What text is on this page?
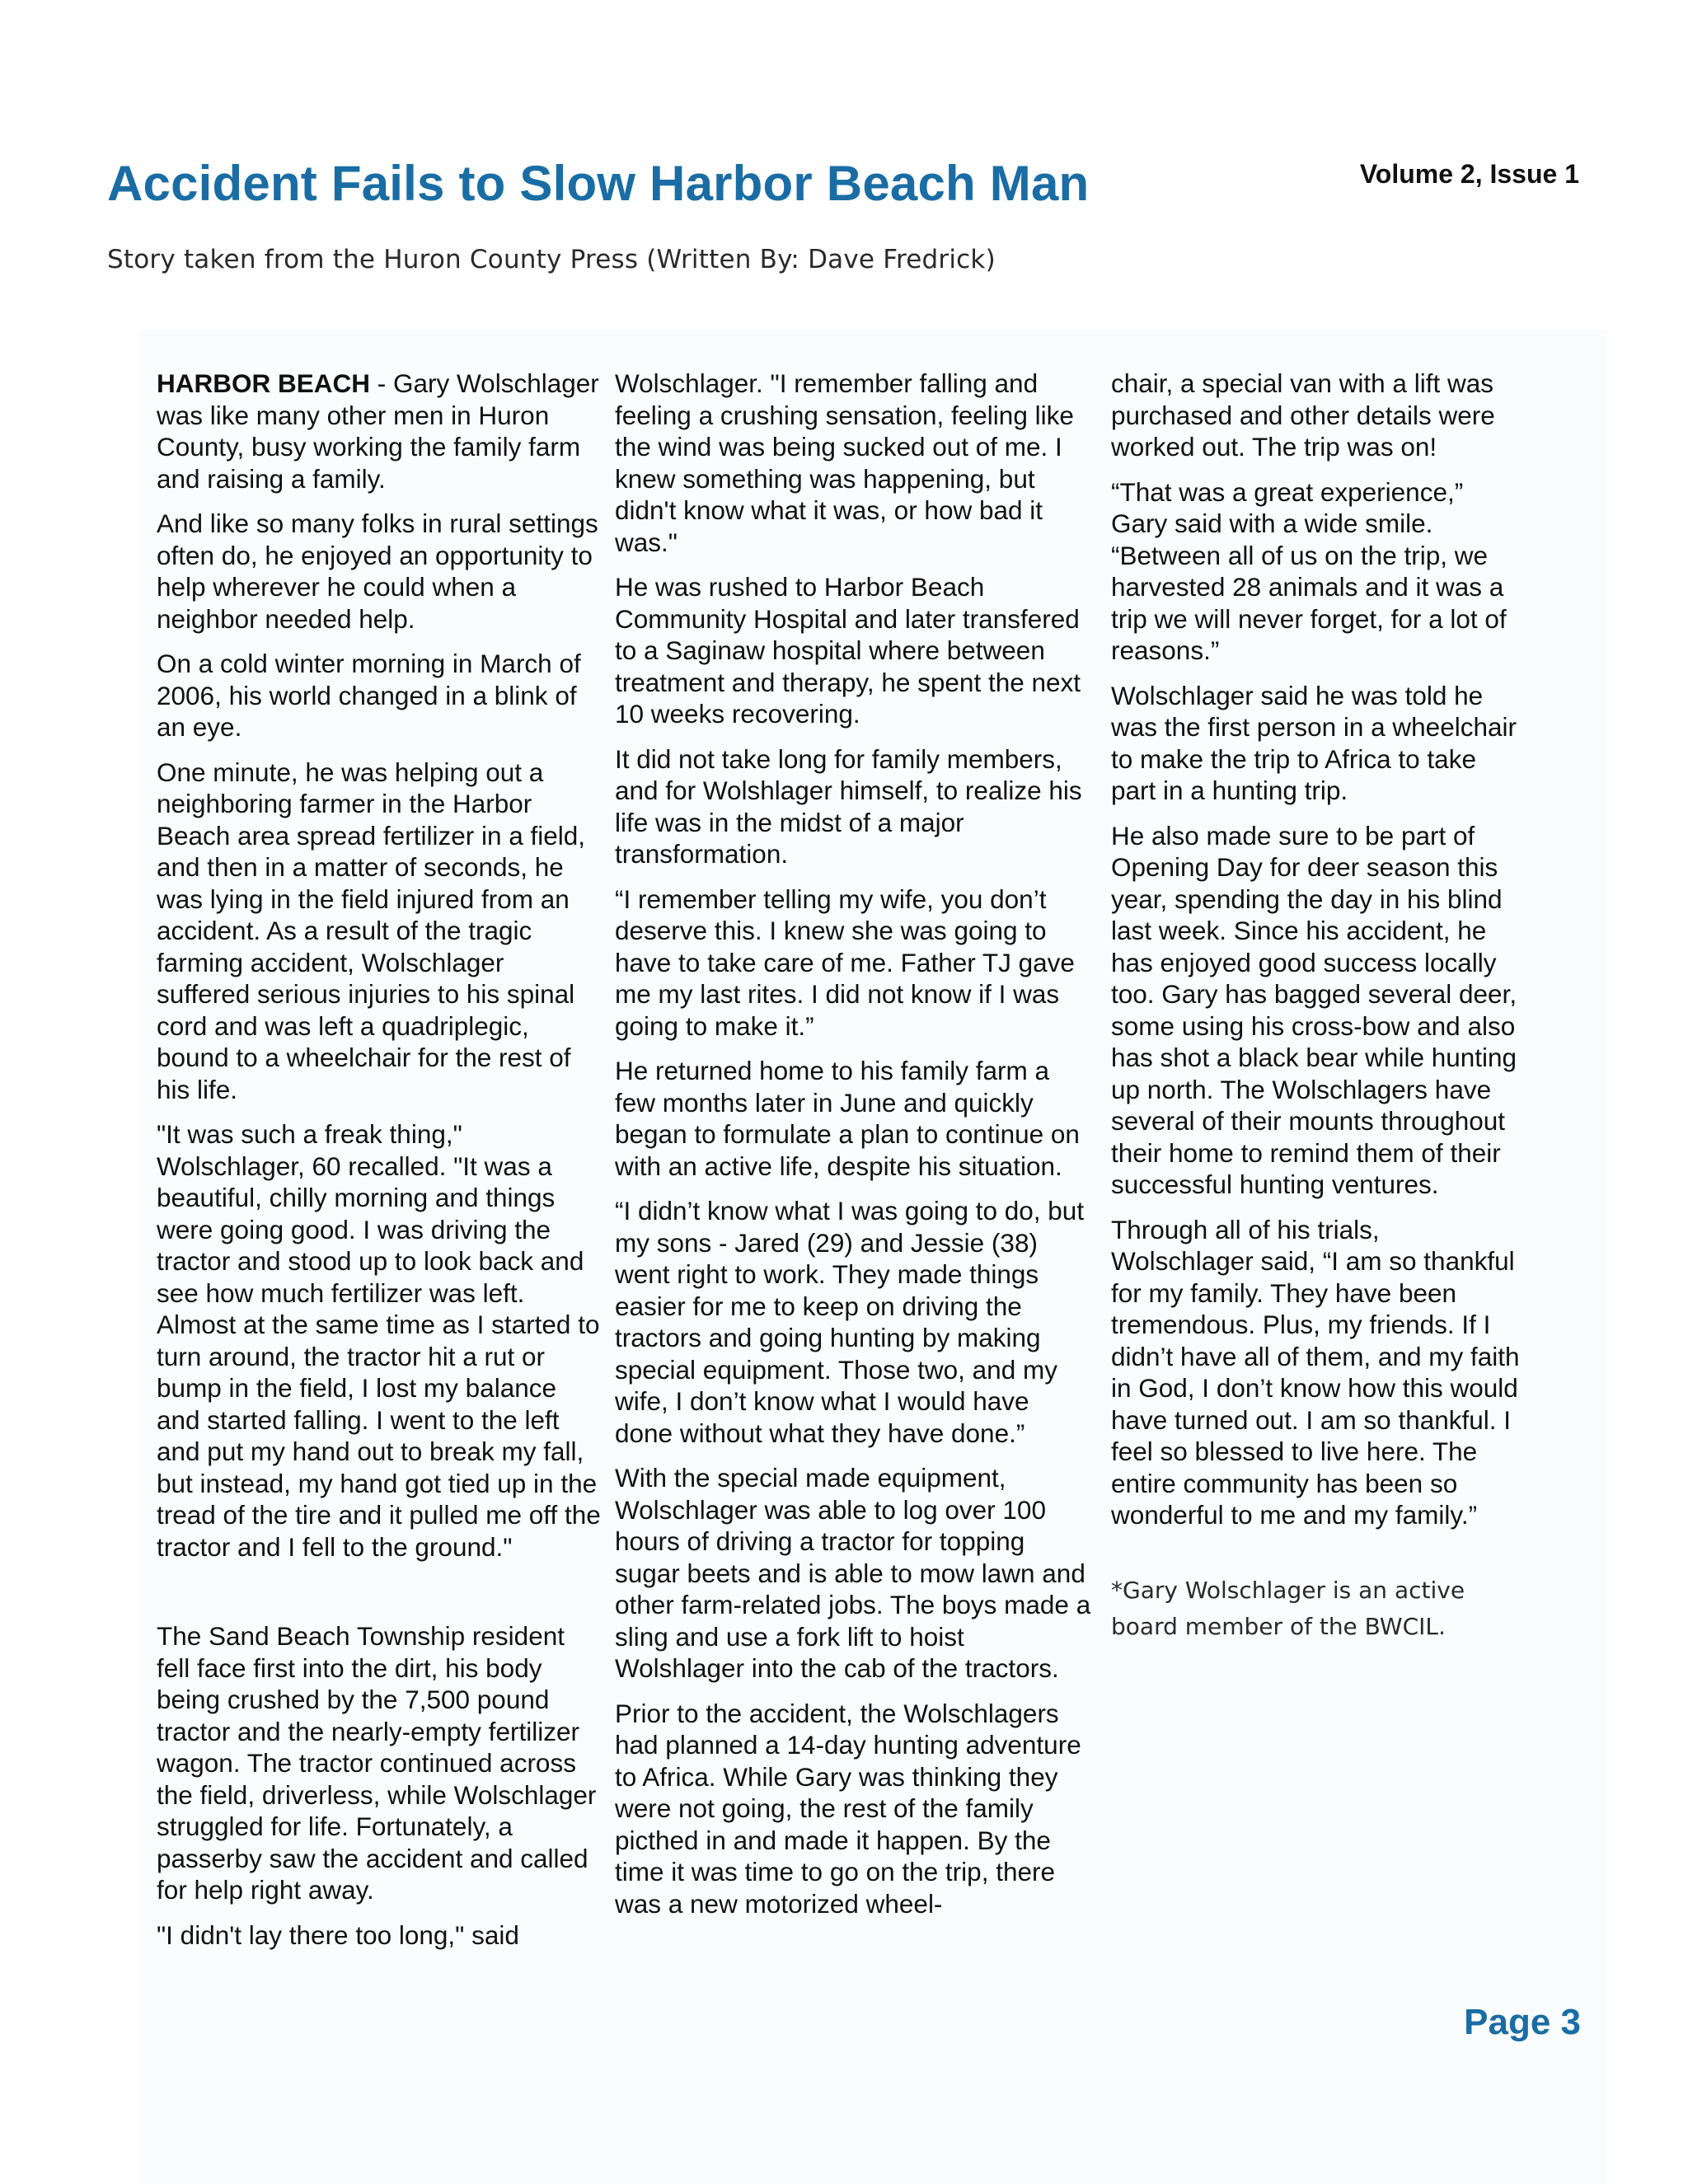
Accident Fails to Slow Harbor Beach Man	Volume 2, Issue 1
Story taken from the Huron County Press (Written By: Dave Fredrick)

HARBOR BEACH - Gary Wolschlager was like many other men in Huron County, busy working the family farm and raising a family.

And like so many folks in rural settings often do, he enjoyed an opportunity to help wherever he could when a neighbor needed help.

On a cold winter morning in March of 2006, his world changed in a blink of an eye.

One minute, he was helping out a neighboring farmer in the Harbor Beach area spread fertilizer in a field, and then in a matter of seconds, he was lying in the field injured from an accident. As a result of the tragic farming accident, Wolschlager suffered serious injuries to his spinal cord and was left a quadriplegic, bound to a wheelchair for the rest of his life.

"It was such a freak thing," Wolschlager, 60 recalled. "It was a beautiful, chilly morning and things were going good. I was driving the tractor and stood up to look back and see how much fertilizer was left. Almost at the same time as I started to turn around, the tractor hit a rut or bump in the field, I lost my balance and started falling. I went to the left and put my hand out to break my fall, but instead, my hand got tied up in the tread of the tire and it pulled me off the tractor and I fell to the ground."

The Sand Beach Township resident fell face first into the dirt, his body being crushed by the 7,500 pound tractor and the nearly-empty fertilizer wagon. The tractor continued across the field, driverless, while Wolschlager struggled for life. Fortunately, a passerby saw the accident and called for help right away.

"I didn't lay there too long," said

Wolschlager. "I remember falling and feeling a crushing sensation, feeling like the wind was being sucked out of me. I knew something was happening, but didn't know what it was, or how bad it was."

He was rushed to Harbor Beach Community Hospital and later transfered to a Saginaw hospital where between treatment and therapy, he spent the next 10 weeks recovering.

It did not take long for family members, and for Wolshlager himself, to realize his life was in the midst of a major transformation.

“I remember telling my wife, you don’t deserve this. I knew she was going to have to take care of me. Father TJ gave me my last rites. I did not know if I was going to make it.”

He returned home to his family farm a few months later in June and quickly began to formulate a plan to continue on with an active life, despite his situation.

“I didn’t know what I was going to do, but my sons - Jared (29) and Jessie (38) went right to work. They made things easier for me to keep on driving the tractors and going hunting by making special equipment. Those two, and my wife, I don’t know what I would have done without what they have done.”

With the special made equipment, Wolschlager was able to log over 100 hours of driving a tractor for topping sugar beets and is able to mow lawn and other farm-related jobs. The boys made a sling and use a fork lift to hoist Wolshlager into the cab of the tractors.

Prior to the accident, the Wolschlagers had planned a 14-day hunting adventure to Africa. While Gary was thinking they were not going, the rest of the family picthed in and made it happen. By the time it was time to go on the trip, there was a new motorized wheel-

chair, a special van with a lift was purchased and other details were worked out. The trip was on!

“That was a great experience,” Gary said with a wide smile. “Between all of us on the trip, we harvested 28 animals and it was a trip we will never forget, for a lot of reasons.”

Wolschlager said he was told he was the first person in a wheelchair to make the trip to Africa to take part in a hunting trip.

He also made sure to be part of Opening Day for deer season this year, spending the day in his blind last week. Since his accident, he has enjoyed good success locally too. Gary has bagged several deer, some using his cross-bow and also has shot a black bear while hunting up north. The Wolschlagers have several of their mounts throughout their home to remind them of their successful hunting ventures.

Through all of his trials, Wolschlager said, “I am so thankful for my family. They have been tremendous. Plus, my friends. If I didn’t have all of them, and my faith in God, I don’t know how this would have turned out. I am so thankful. I feel so blessed to live here. The entire community has been so wonderful to me and my family.”

*Gary Wolschlager is an active board member of the BWCIL.

Page 3
